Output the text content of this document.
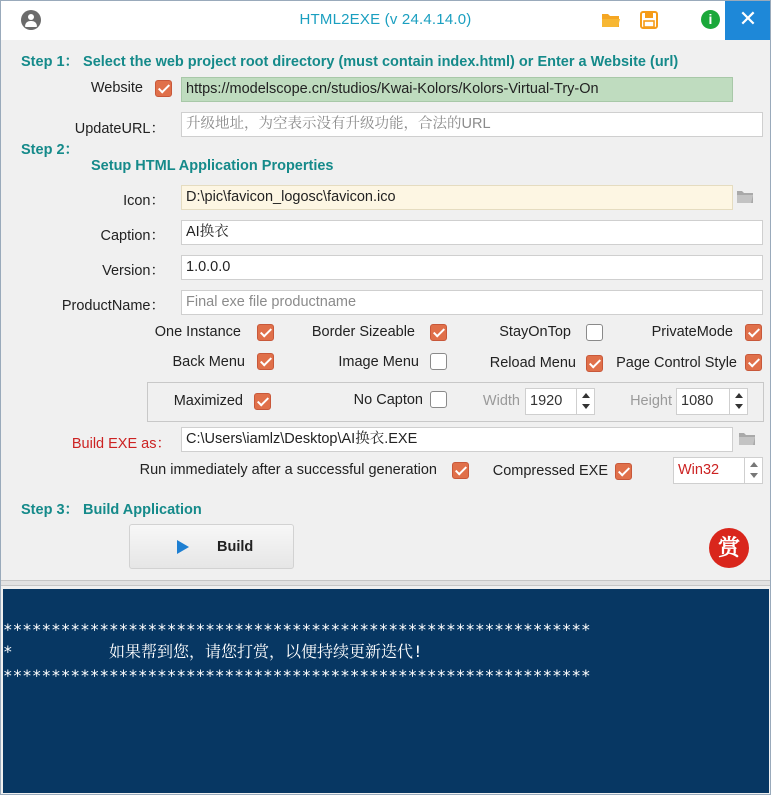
HTML2EXE (v 24.4.14.0)	i	✕
Step 1： Select the web project root directory (must contain index.html) or Enter a Website (url)
Website	https://modelscope.cn/studios/Kwai-Kolors/Kolors-Virtual-Try-On
UpdateURL：	升级地址，为空表示没有升级功能，合法的URL
Step 2：
Setup HTML Application Properties
Icon：	D:\pic\favicon_logosc\favicon.ico
Caption：	AI换衣
Version：	1.0.0.0
ProductName：	Final exe file productname
One Instance	Border Sizeable	StayOnTop	PrivateMode
Back Menu	Image Menu	Reload Menu	Page Control Style
Maximized	No Capton	Width 1920	Height 1080
Build EXE as：	C:\Users\iamlz\Desktop\AI换衣.EXE
Run immediately after a successful generation	Compressed EXE	Win32
Step 3： Build Application
Build	赏
*************************************************************
*          如果帮到您，请您打赏，以便持续更新迭代!
*************************************************************
